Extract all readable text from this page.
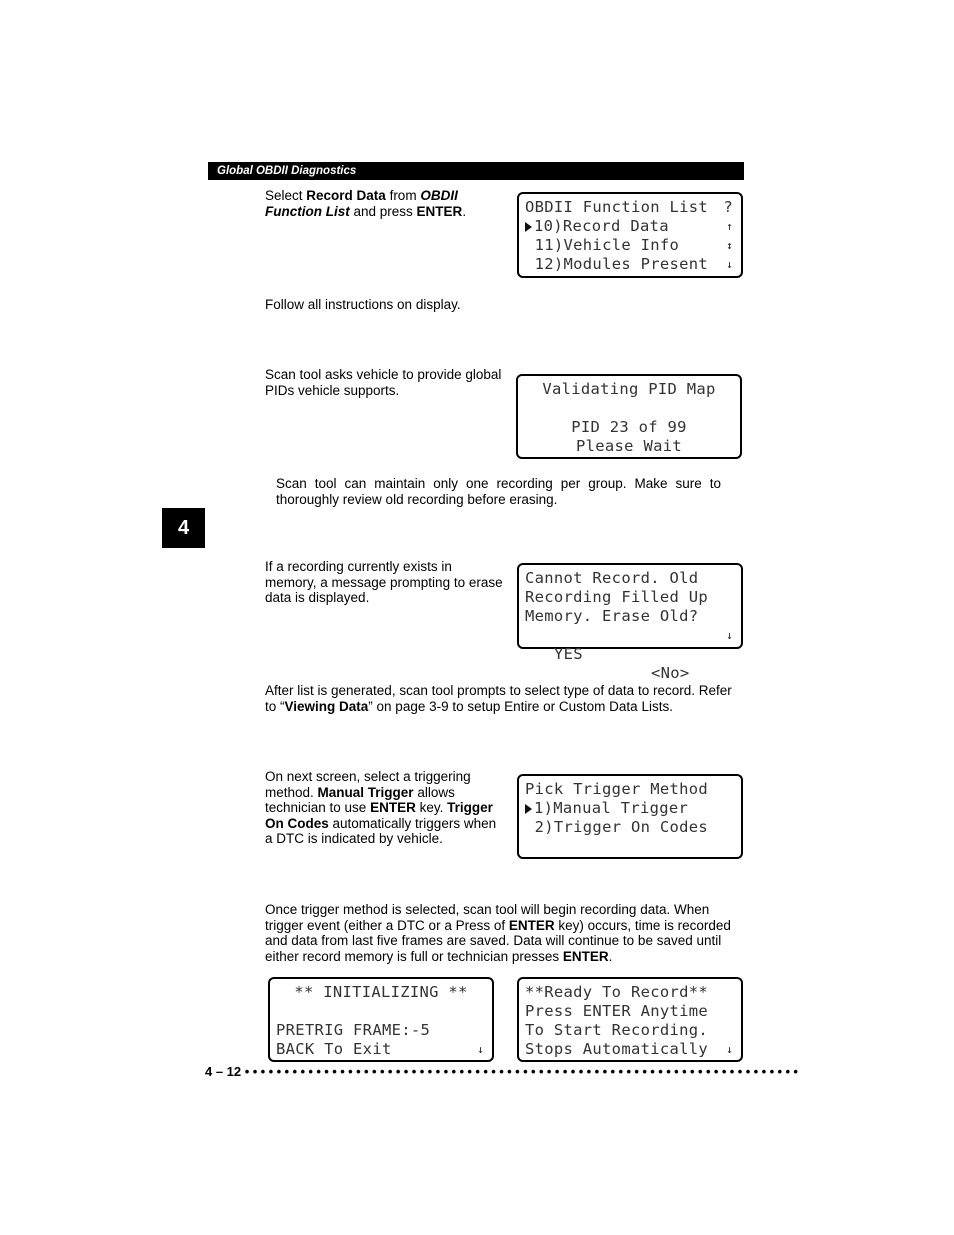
Global OBDII Diagnostics
4
Select Record Data from OBDII Function List and press ENTER.	OBDII Function List ?
10)Record Data	↑
11)Vehicle Info	↕
12)Modules Present ↓
Follow all instructions on display.
Scan tool asks vehicle to provide global PIDs vehicle supports.	Validating PID Map
PID 23 of 99
Please Wait
Scan tool can maintain only one recording per group. Make sure to thoroughly review old recording before erasing.
If a recording currently exists in memory, a message prompting to erase data is displayed.
Cannot Record. Old
Recording Filled Up
Memory. Erase Old?

YES

<No>

↓

After list is generated, scan tool prompts to select type of data to record. Refer to “Viewing Data” on page 3-9 to setup Entire or Custom Data Lists.
On next screen, select a triggering method. Manual Trigger allows technician to use ENTER key. Trigger On Codes automatically triggers when a DTC is indicated by vehicle.
Pick Trigger Method
1)Manual Trigger
2)Trigger On Codes
Once trigger method is selected, scan tool will begin recording data. When trigger event (either a DTC or a Press of ENTER key) occurs, time is recorded and data from last five frames are saved. Data will continue to be saved until either record memory is full or technician presses ENTER.
** INITIALIZING **
PRETRIG FRAME:-5
BACK To Exit	↓
**Ready To Record**
Press ENTER Anytime
To Start Recording.
Stops Automatically ↓
4 – 12 ••••••••••••••••••••••••••••••••••••••••••••••••••••••••••••••••••••••
